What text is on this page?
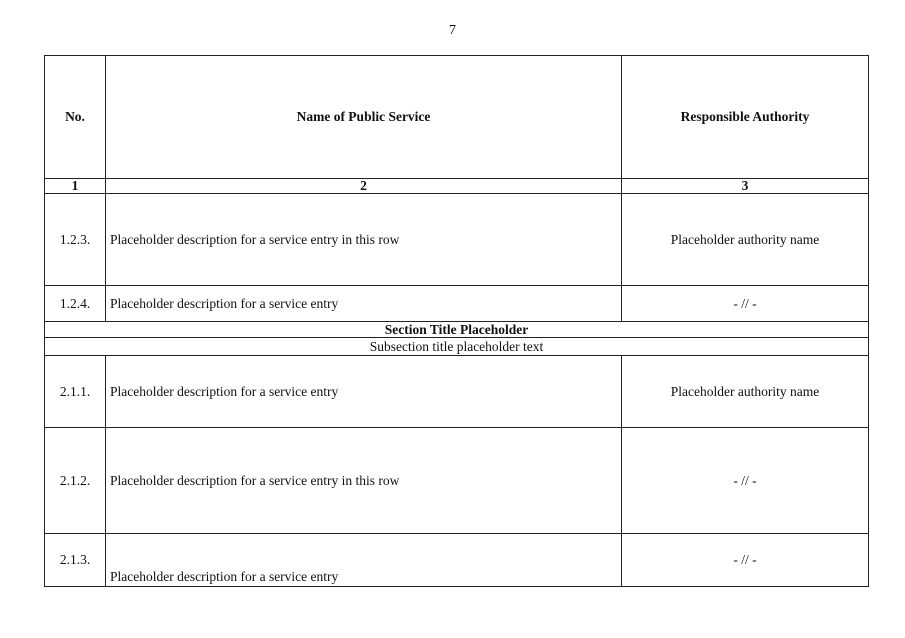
7
No.	Name of Public Service	Responsible Authority
1	2	3
1.2.3.	Placeholder description for a service entry in this row	Placeholder authority name
1.2.4.	Placeholder description for a service entry	- // -
Section Title Placeholder		
Subsection title placeholder text		
2.1.1.	Placeholder description for a service entry	Placeholder authority name
2.1.2.	Placeholder description for a service entry in this row	- // -
2.1.3.	Placeholder description for a service entry	- // -
